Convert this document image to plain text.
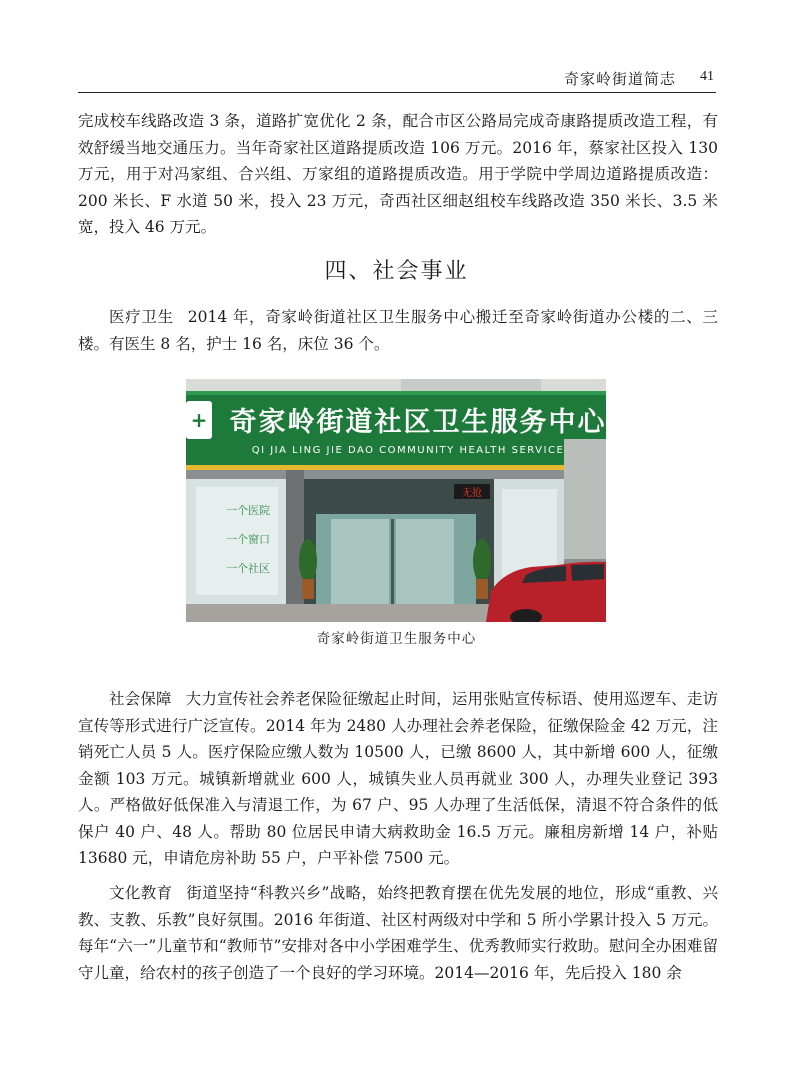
奇家岭街道简志 41

完成校车线路改造 3 条，道路扩宽优化 2 条，配合市区公路局完成奇康路提质改造工程，有效舒缓当地交通压力。当年奇家社区道路提质改造 106 万元。2016 年，蔡家社区投入 130 万元，用于对冯家组、合兴组、万家组的道路提质改造。用于学院中学周边道路提质改造：200 米长、F 水道 50 米，投入 23 万元，奇西社区细赵组校车线路改造 350 米长、3.5 米宽，投入 46 万元。

四、社会事业

医疗卫生 2014 年，奇家岭街道社区卫生服务中心搬迁至奇家岭街道办公楼的二、三楼。有医生 8 名，护士 16 名，床位 36 个。

+ 奇家岭街道社区卫生服务中心
QI JIA LING JIE DAO COMMUNITY HEALTH SERVICE
一个医院
一个窗口
一个社区
无抢
奇家岭街道卫生服务中心

社会保障 大力宣传社会养老保险征缴起止时间，运用张贴宣传标语、使用巡逻车、走访宣传等形式进行广泛宣传。2014 年为 2480 人办理社会养老保险，征缴保险金 42 万元，注销死亡人员 5 人。医疗保险应缴人数为 10500 人，已缴 8600 人，其中新增 600 人，征缴金额 103 万元。城镇新增就业 600 人，城镇失业人员再就业 300 人，办理失业登记 393 人。严格做好低保准入与清退工作，为 67 户、95 人办理了生活低保，清退不符合条件的低保户 40 户、48 人。帮助 80 位居民申请大病救助金 16.5 万元。廉租房新增 14 户，补贴 13680 元，申请危房补助 55 户，户平补偿 7500 元。

文化教育 街道坚持“科教兴乡”战略，始终把教育摆在优先发展的地位，形成“重教、兴教、支教、乐教”良好氛围。2016 年街道、社区村两级对中学和 5 所小学累计投入 5 万元。每年“六一”儿童节和“教师节”安排对各中小学困难学生、优秀教师实行救助。慰问全办困难留守儿童，给农村的孩子创造了一个良好的学习环境。2014—2016 年，先后投入 180 余
